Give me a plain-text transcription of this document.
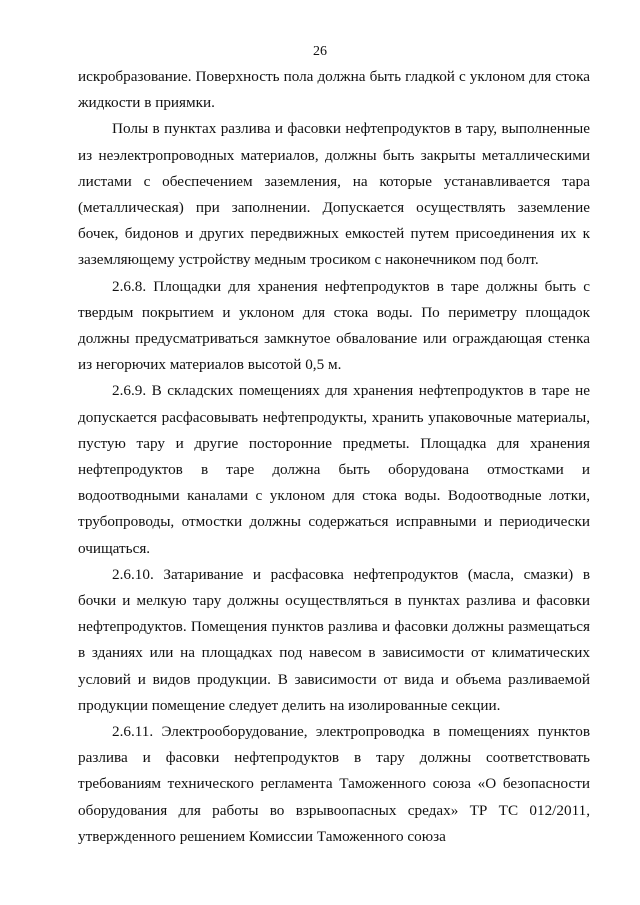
26

искробразование. Поверхность пола должна быть гладкой с уклоном для стока жидкости в приямки.

Полы в пунктах разлива и фасовки нефтепродуктов в тару, выполненные из неэлектропроводных материалов, должны быть закрыты металлическими листами с обеспечением заземления, на которые устанавливается тара (металлическая) при заполнении. Допускается осуществлять заземление бочек, бидонов и других передвижных емкостей путем присоединения их к заземляющему устройству медным тросиком с наконечником под болт.

2.6.8. Площадки для хранения нефтепродуктов в таре должны быть с твердым покрытием и уклоном для стока воды. По периметру площадок должны предусматриваться замкнутое обвалование или ограждающая стенка из негорючих материалов высотой 0,5 м.

2.6.9. В складских помещениях для хранения нефтепродуктов в таре не допускается расфасовывать нефтепродукты, хранить упаковочные материалы, пустую тару и другие посторонние предметы. Площадка для хранения нефтепродуктов в таре должна быть оборудована отмостками и водоотводными каналами с уклоном для стока воды. Водоотводные лотки, трубопроводы, отмостки должны содержаться исправными и периодически очищаться.

2.6.10. Затаривание и расфасовка нефтепродуктов (масла, смазки) в бочки и мелкую тару должны осуществляться в пунктах разлива и фасовки нефтепродуктов. Помещения пунктов разлива и фасовки должны размещаться в зданиях или на площадках под навесом в зависимости от климатических условий и видов продукции. В зависимости от вида и объема разливаемой продукции помещение следует делить на изолированные секции.

2.6.11. Электрооборудование, электропроводка в помещениях пунктов разлива и фасовки нефтепродуктов в тару должны соответствовать требованиям технического регламента Таможенного союза «О безопасности оборудования для работы во взрывоопасных средах» ТР ТС 012/2011, утвержденного решением Комиссии Таможенного союза
